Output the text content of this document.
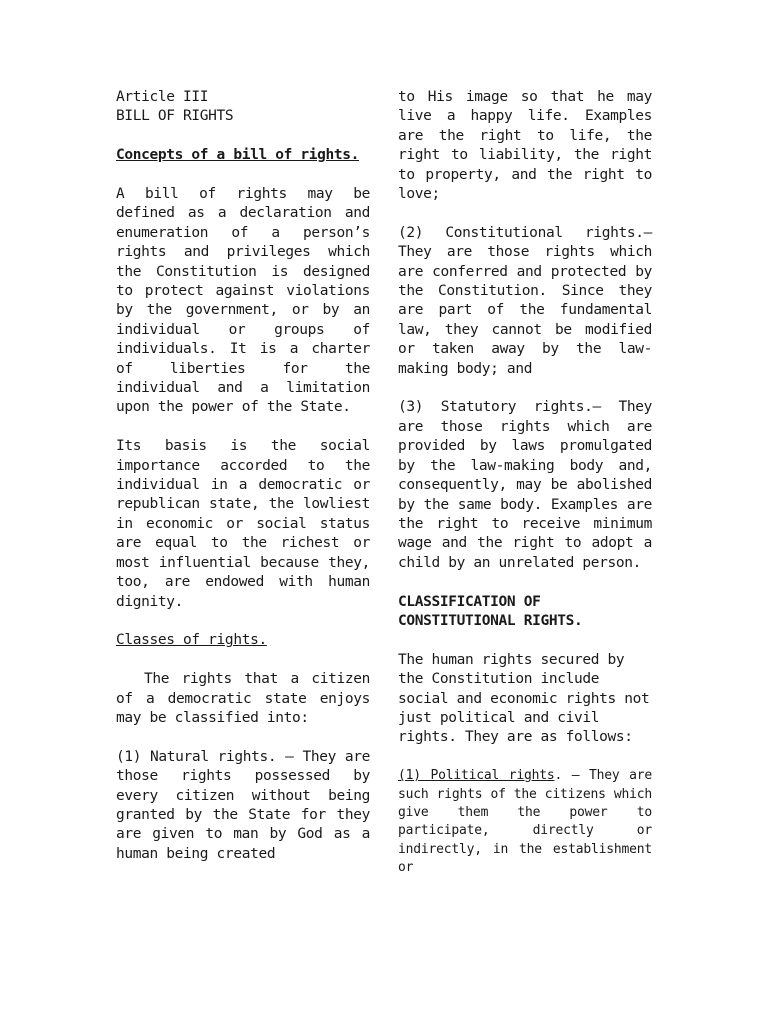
Article III

BILL OF RIGHTS

Concepts of a bill of rights.

A bill of rights may be defined as a declaration and enumeration of a person’s rights and privileges which the Constitution is designed to protect against violations by the government, or by an individual or groups of individuals. It is a charter of liberties for the individual and a limitation upon the power of the State.

Its basis is the social importance accorded to the individual in a democratic or republican state, the lowliest in economic or social status are equal to the richest or most influential because they, too, are endowed with human dignity.

Classes of rights.

The rights that a citizen of a democratic state enjoys may be classified into:

(1) Natural rights. – They are those rights possessed by every citizen without being granted by the State for they are given to man by God as a human being created

to His image so that he may live a happy life. Examples are the right to life, the right to liability, the right to property, and the right to love;

(2) Constitutional rights.– They are those rights which are conferred and protected by the Constitution. Since they are part of the fundamental law, they cannot be modified or taken away by the law-making body; and

(3) Statutory rights.– They are those rights which are provided by laws promulgated by the law-making body and, consequently, may be abolished by the same body. Examples are the right to receive minimum wage and the right to adopt a child by an unrelated person.

CLASSIFICATION OF

CONSTITUTIONAL RIGHTS.

The human rights secured by the Constitution include social and economic rights not just political and civil rights. They are as follows:

(1) Political rights. – They are such rights of the citizens which give them the power to participate, directly or indirectly, in the establishment or
